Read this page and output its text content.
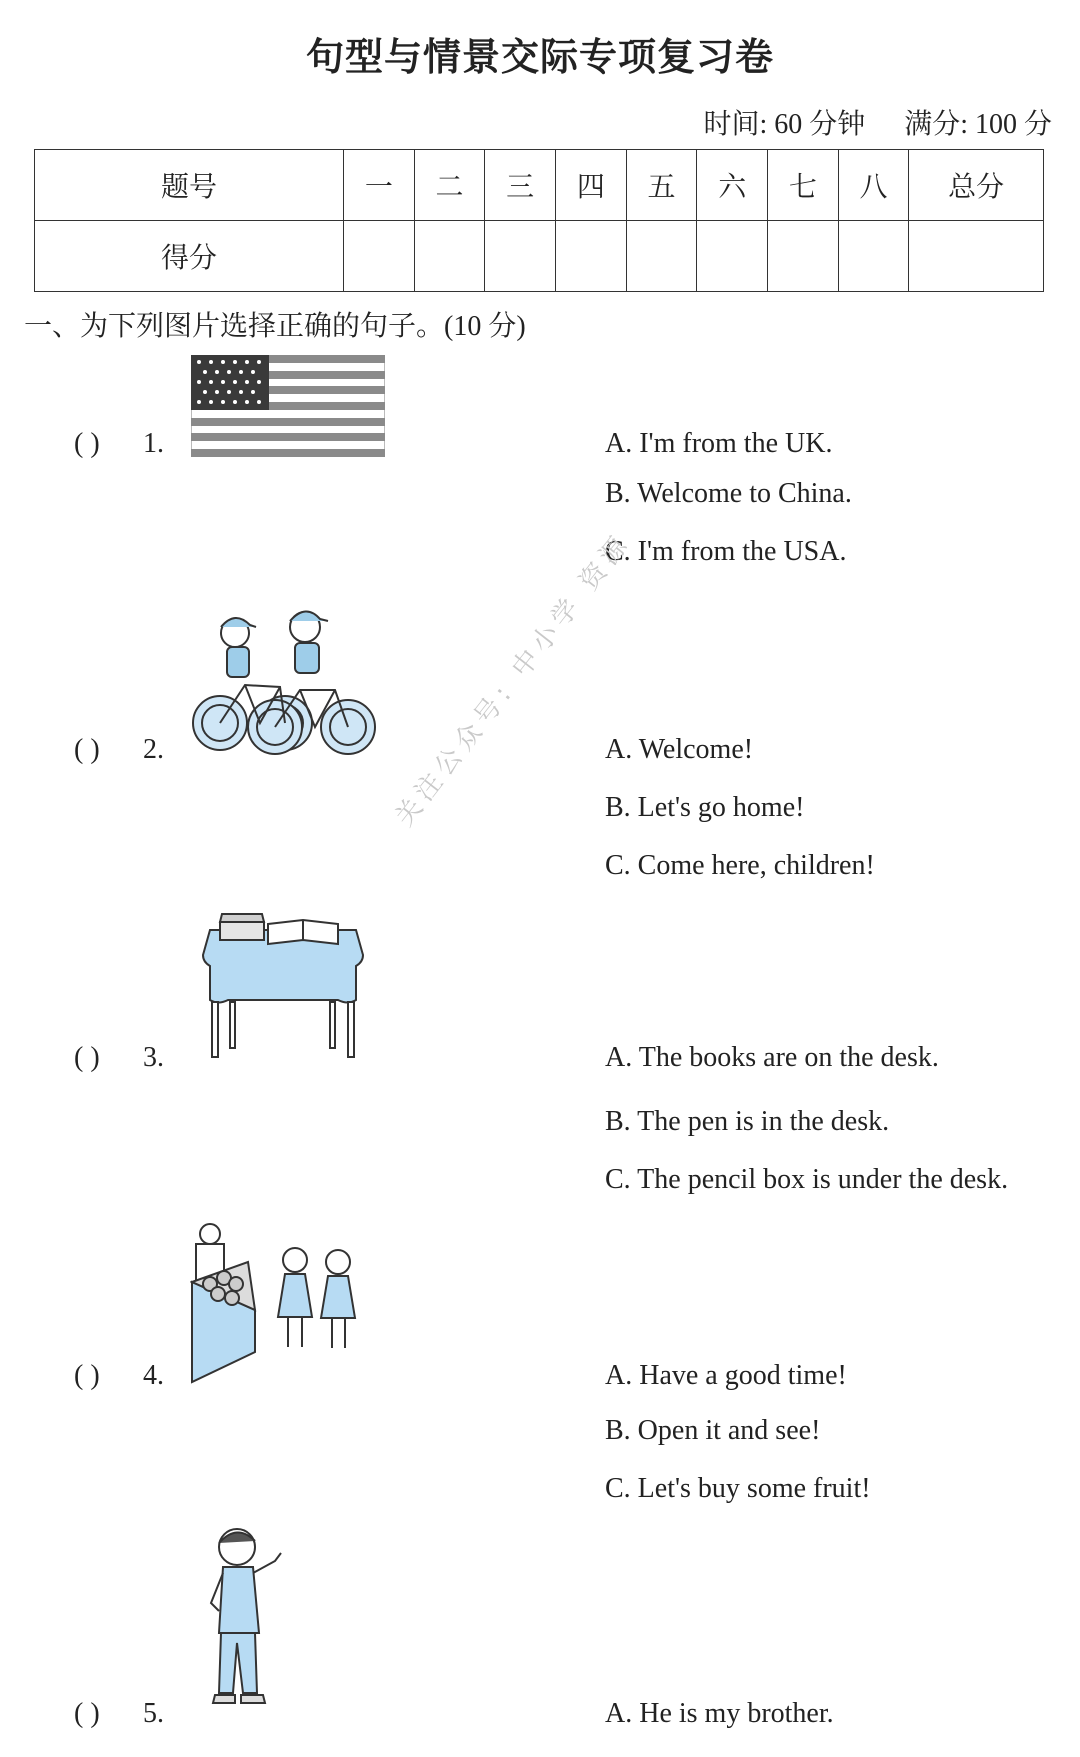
句型与情景交际专项复习卷
时间: 60 分钟 满分: 100 分
题号	一	二	三	四	五	六	七	八	总分
得分									
一、为下列图片选择正确的句子。(10 分)
( ) 1.	A. I'm from the UK.
B. Welcome to China.
C. I'm from the USA.
( ) 2.	A. Welcome!
B. Let's go home!
C. Come here, children!
( ) 3.	A. The books are on the desk.
B. The pen is in the desk.
C. The pencil box is under the desk.
( ) 4.	A. Have a good time!
B. Open it and see!
C. Let's buy some fruit!
( ) 5.	A. He is my brother.
关注公众号: 中小学 资源
